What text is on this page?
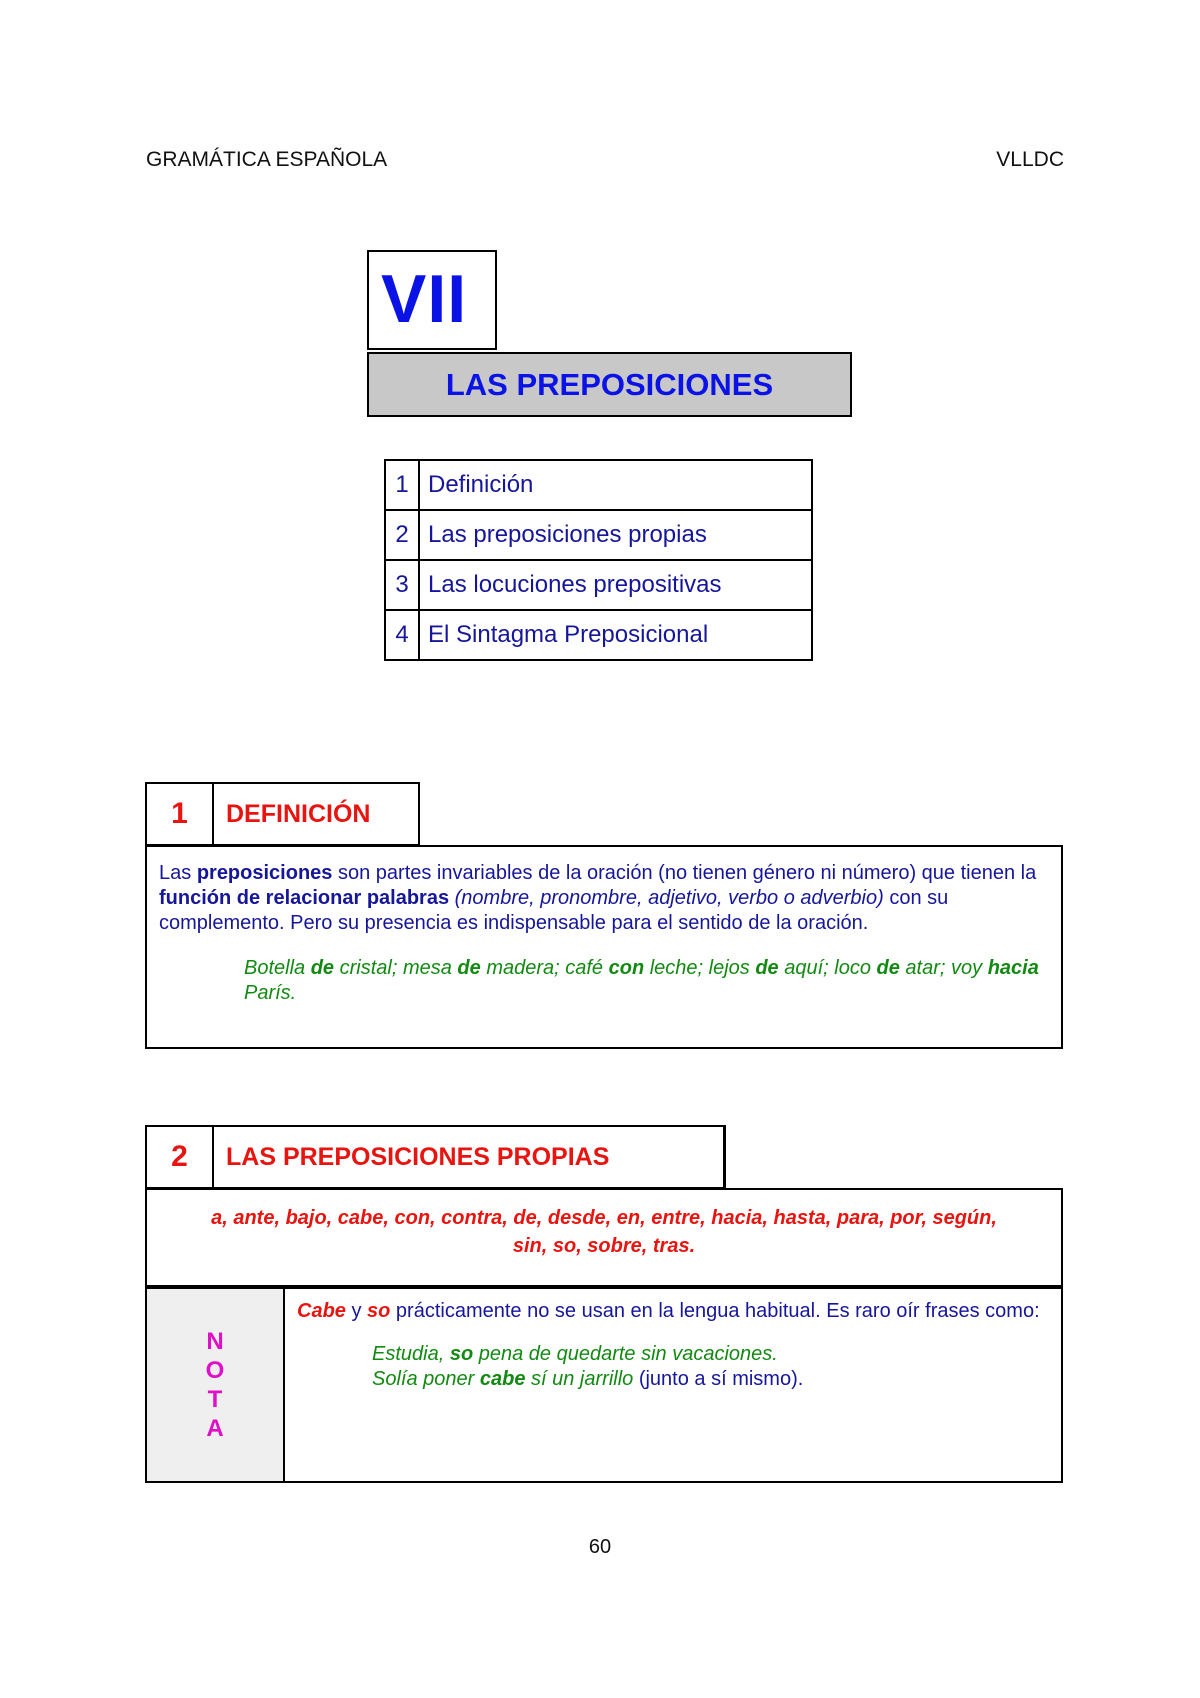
GRAMÁTICA ESPAÑOLA	VLLDC
VII
LAS PREPOSICIONES
1	Definición
2	Las preposiciones propias
3	Las locuciones prepositivas
4	El Sintagma Preposicional
1 DEFINICIÓN
Las preposiciones son partes invariables de la oración (no tienen género ni número) que tienen la función de relacionar palabras (nombre, pronombre, adjetivo, verbo o adverbio) con su complemento. Pero su presencia es indispensable para el sentido de la oración.
Botella de cristal; mesa de madera; café con leche; lejos de aquí; loco de atar; voy hacia París.
2 LAS PREPOSICIONES PROPIAS
a, ante, bajo, cabe, con, contra, de, desde, en, entre, hacia, hasta, para, por, según,
sin, so, sobre, tras.
N
O
T
A
Cabe y so prácticamente no se usan en la lengua habitual. Es raro oír frases como:
Estudia, so pena de quedarte sin vacaciones.
Solía poner cabe sí un jarrillo (junto a sí mismo).
60
